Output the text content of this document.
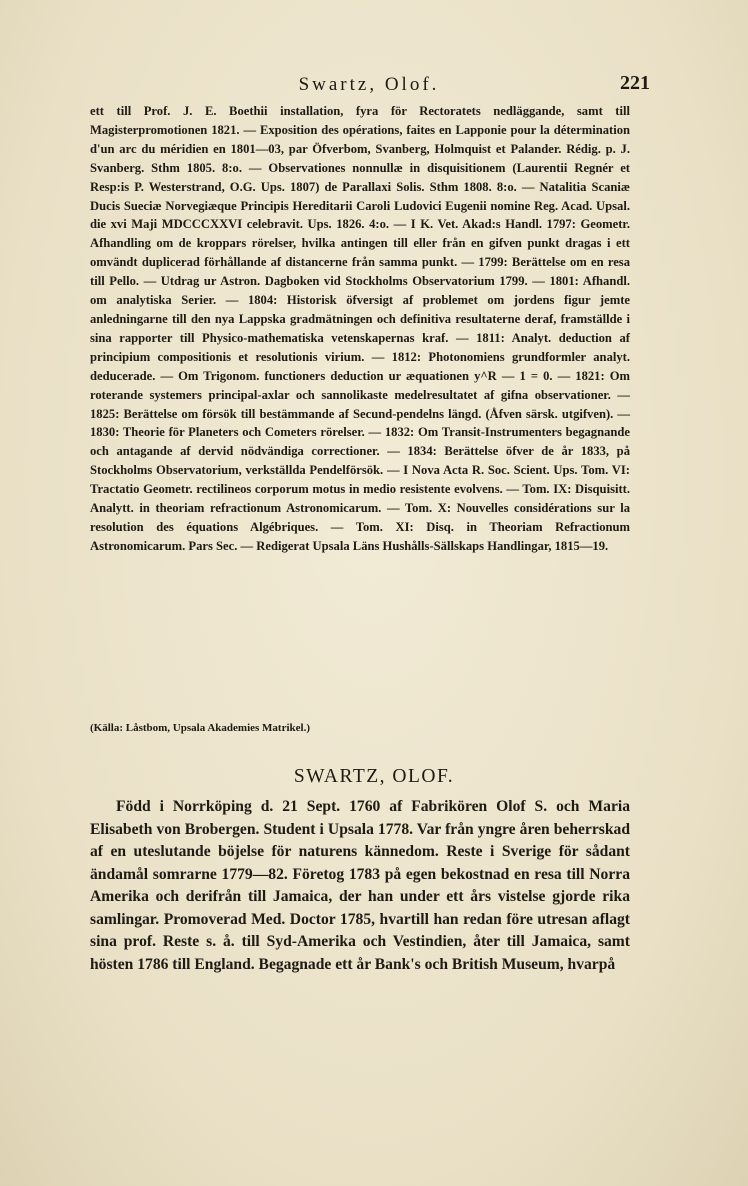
Swartz, Olof.	221

ett till Prof. J. E. Boethii installation, fyra för Rectoratets nedläggande, samt till Magisterpromotionen 1821. — Exposition des opérations, faites en Lapponie pour la détermination d'un arc du méridien en 1801—03, par Öfverbom, Svanberg, Holmquist et Palander. Rédig. p. J. Svanberg. Sthm 1805. 8:o. — Observationes nonnullæ in disquisitionem (Laurentii Regnér et Resp:is P. Westerstrand, O.G. Ups. 1807) de Parallaxi Solis. Sthm 1808. 8:o. — Natalitia Scaniæ Ducis Sueciæ Norvegiæque Principis Hereditarii Caroli Ludovici Eugenii nomine Reg. Acad. Upsal. die xvi Maji MDCCCXXVI celebravit. Ups. 1826. 4:o. — I K. Vet. Akad:s Handl. 1797: Geometr. Afhandling om de kroppars rörelser, hvilka antingen till eller från en gifven punkt dragas i ett omvändt duplicerad förhållande af distancerne från samma punkt. — 1799: Berättelse om en resa till Pello. — Utdrag ur Astron. Dagboken vid Stockholms Observatorium 1799. — 1801: Afhandl. om analytiska Serier. — 1804: Historisk öfversigt af problemet om jordens figur jemte anledningarne till den nya Lappska gradmätningen och definitiva resultaterne deraf, framställde i sina rapporter till Physico-mathematiska vetenskapernas kraf. — 1811: Analyt. deduction af principium compositionis et resolutionis virium. — 1812: Photonomiens grundformler analyt. deducerade. — Om Trigonom. functioners deduction ur æquationen y^R — 1 = 0. — 1821: Om roterande systemers principal-axlar och sannolikaste medelresultatet af gifna observationer. — 1825: Berättelse om försök till bestämmande af Secund-pendelns längd. (Åfven särsk. utgifven). — 1830: Theorie för Planeters och Cometers rörelser. — 1832: Om Transit-Instrumenters begagnande och antagande af dervid nödvändiga correctioner. — 1834: Berättelse öfver de år 1833, på Stockholms Observatorium, verkställda Pendelförsök. — I Nova Acta R. Soc. Scient. Ups. Tom. VI: Tractatio Geometr. rectilineos corporum motus in medio resistente evolvens. — Tom. IX: Disquisitt. Analytt. in theoriam refractionum Astronomicarum. — Tom. X: Nouvelles considérations sur la resolution des équations Algébriques. — Tom. XI: Disq. in Theoriam Refractionum Astronomicarum. Pars Sec. — Redigerat Upsala Läns Hushålls-Sällskaps Handlingar, 1815—19.

(Källa: Låstbom, Upsala Akademies Matrikel.)
SWARTZ, OLOF.

Född i Norrköping d. 21 Sept. 1760 af Fabrikören Olof S. och Maria Elisabeth von Brobergen. Student i Upsala 1778. Var från yngre åren beherrskad af en uteslutande böjelse för naturens kännedom. Reste i Sverige för sådant ändamål somrarne 1779—82. Företog 1783 på egen bekostnad en resa till Norra Amerika och derifrån till Jamaica, der han under ett års vistelse gjorde rika samlingar. Promoverad Med. Doctor 1785, hvartill han redan före utresan aflagt sina prof. Reste s. å. till Syd-Amerika och Vestindien, åter till Jamaica, samt hösten 1786 till England. Begagnade ett år Bank's och British Museum, hvarpå
